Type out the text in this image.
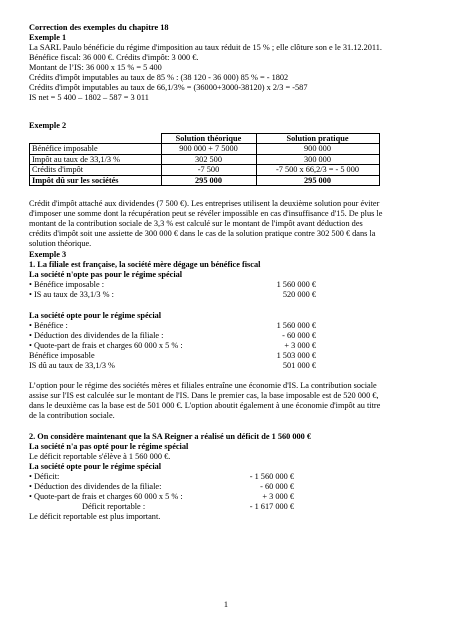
Correction des exemples du chapitre 18
Exemple 1
La SARL Paulo bénéficie du régime d'imposition au taux réduit de 15 % ; elle clôture son e le 31.12.2011.
Bénéfice fiscal: 36 000 €. Crédits d'impôt: 3 000 €.
Montant de l’IS: 36 000 x 15 % = 5 400
Crédits d'impôt imputables au taux de 85 % : (38 120 - 36 000) 85 % = - 1802
Crédits d'impôt imputables au taux de 66,1/3% = (36000+3000-38120) x 2/3 = -587
IS net = 5 400 – 1802 – 587 = 3 011
Exemple 2
	Solution théorique	Solution pratique
Bénéfice imposable	900 000 + 7 5000	900 000
Impôt au taux de 33,1/3 %	302 500	300 000
Crédits d'impôt	-7 500	-7 500 x 66,2/3 = - 5 000
Impôt dû sur les sociétés	295 000	295 000
Crédit d'impôt attaché aux dividendes (7 500 €). Les entreprises utilisent la deuxième solution pour éviter
d'imposer une somme dont la récupération peut se révéler impossible en cas d'insuffisance d'15. De plus le
montant de la contribution sociale de 3,3 % est calculé sur le montant de l'impôt avant déduction des
crédits d'impôt soit une assiette de 300 000 € dans le cas de la solution pratique contre 302 500 € dans la
solution théorique.
Exemple 3
1. La filiale est française, la société mère dégage un bénéfice fiscal
La société n'opte pas pour le régime spécial
• Bénéfice imposable :	1 560 000 €
• IS au taux de 33,1/3 % :	520 000 €
La société opte pour le régime spécial
• Bénéfice :	1 560 000 €
• Déduction des dividendes de la filiale :	- 60 000 €
• Quote-part de frais et charges 60 000 x 5 % :	+ 3 000 €
Bénéfice imposable	1 503 000 €
IS dû au taux de 33,1/3 %	501 000 €
L’option pour le régime des sociétés mères et filiales entraîne une économie d'IS. La contribution sociale
assise sur l'IS est calculée sur le montant de l'IS. Dans le premier cas, la base imposable est de 520 000 €,
dans le deuxième cas la base est de 501 000 €. L'option aboutit également à une économie d'impôt au titre
de la contribution sociale.
2. On considère maintenant que la SA Reigner a réalisé un déficit de 1 560 000 €
La société n'a pas opté pour le régime spécial
Le déficit reportable s'élève à 1 560 000 €.
La société opte pour le régime spécial
• Déficit:	- 1 560 000 €
• Déduction des dividendes de la filiale:	- 60 000 €
• Quote-part de frais et charges 60 000 x 5 % :	+ 3 000 €
Déficit reportable :	- 1 617 000 €
Le déficit reportable est plus important.
1
